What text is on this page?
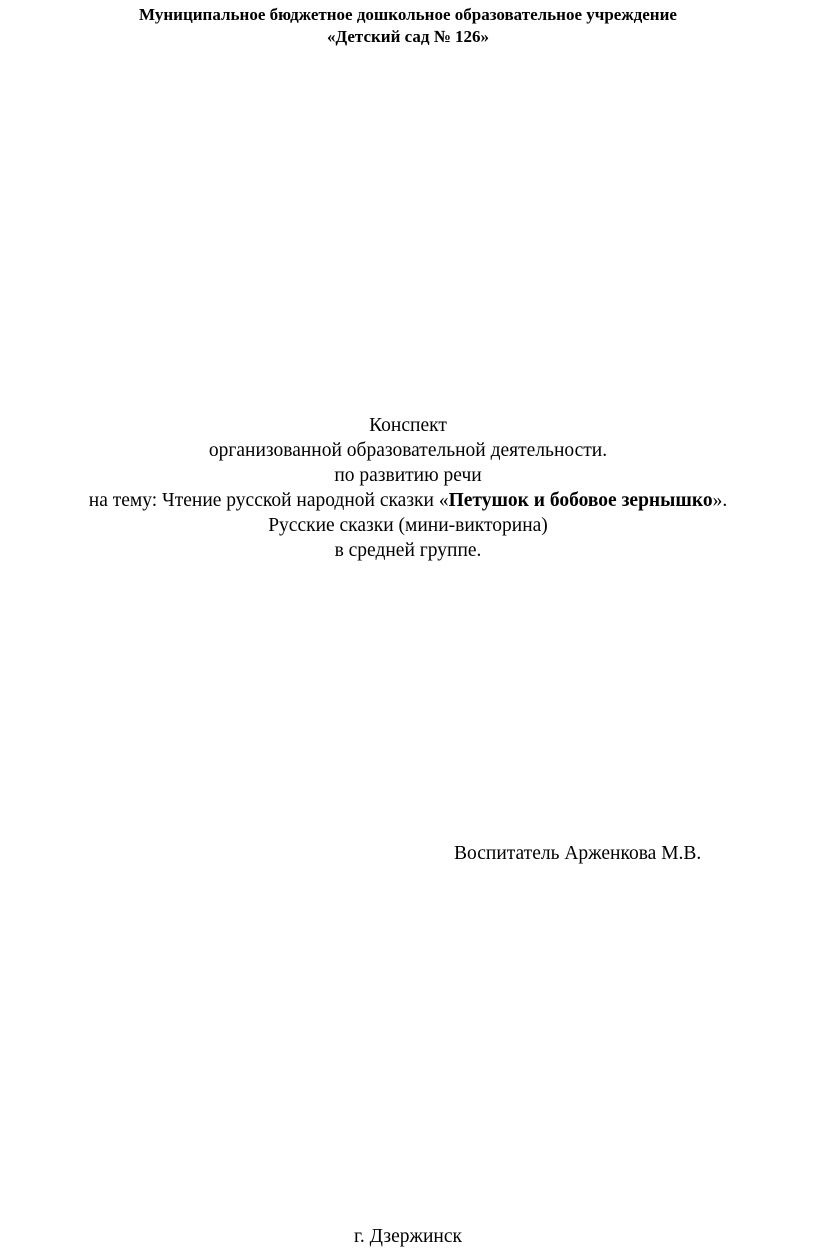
Муниципальное бюджетное дошкольное образовательное учреждение
«Детский сад № 126»
Конспект
организованной образовательной деятельности.
по развитию речи
на тему: Чтение русской народной сказки «Петушок и бобовое зернышко».
Русские сказки (мини-викторина)
в средней группе.
Воспитатель Арженкова М.В.
г. Дзержинск
